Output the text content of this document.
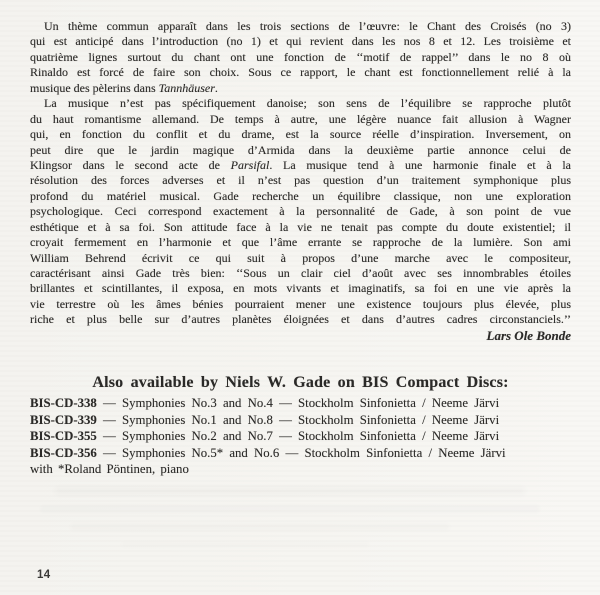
Un thème commun apparaît dans les trois sections de l’œuvre: le Chant des Croisés (no 3)
qui est anticipé dans l’introduction (no 1) et qui revient dans les nos 8 et 12. Les troisième et
quatrième lignes surtout du chant ont une fonction de ‘‘motif de rappel’’ dans le no 8 où
Rinaldo est forcé de faire son choix. Sous ce rapport, le chant est fonctionnellement relié à la
musique des pèlerins dans Tannhäuser.
La musique n’est pas spécifiquement danoise; son sens de l’équilibre se rapproche plutôt
du haut romantisme allemand. De temps à autre, une légère nuance fait allusion à Wagner
qui, en fonction du conflit et du drame, est la source réelle d’inspiration. Inversement, on
peut dire que le jardin magique d’Armida dans la deuxième partie annonce celui de
Klingsor dans le second acte de Parsifal. La musique tend à une harmonie finale et à la
résolution des forces adverses et il n’est pas question d’un traitement symphonique plus
profond du matériel musical. Gade recherche un équilibre classique, non une exploration
psychologique. Ceci correspond exactement à la personnalité de Gade, à son point de vue
esthétique et à sa foi. Son attitude face à la vie ne tenait pas compte du doute existentiel; il
croyait fermement en l’harmonie et que l’âme errante se rapproche de la lumière. Son ami
William Behrend écrivit ce qui suit à propos d’une marche avec le compositeur,
caractérisant ainsi Gade très bien: ‘‘Sous un clair ciel d’août avec ses innombrables étoiles
brillantes et scintillantes, il exposa, en mots vivants et imaginatifs, sa foi en une vie après la
vie terrestre où les âmes bénies pourraient mener une existence toujours plus élevée, plus
riche et plus belle sur d’autres planètes éloignées et dans d’autres cadres circonstanciels.’’
Lars Ole Bonde
Also available by Niels W. Gade on BIS Compact Discs:
BIS-CD-338 — Symphonies No.3 and No.4 — Stockholm Sinfonietta / Neeme Järvi
BIS-CD-339 — Symphonies No.1 and No.8 — Stockholm Sinfonietta / Neeme Järvi
BIS-CD-355 — Symphonies No.2 and No.7 — Stockholm Sinfonietta / Neeme Järvi
BIS-CD-356 — Symphonies No.5* and No.6 — Stockholm Sinfonietta / Neeme Järvi
with *Roland Pöntinen, piano
14
